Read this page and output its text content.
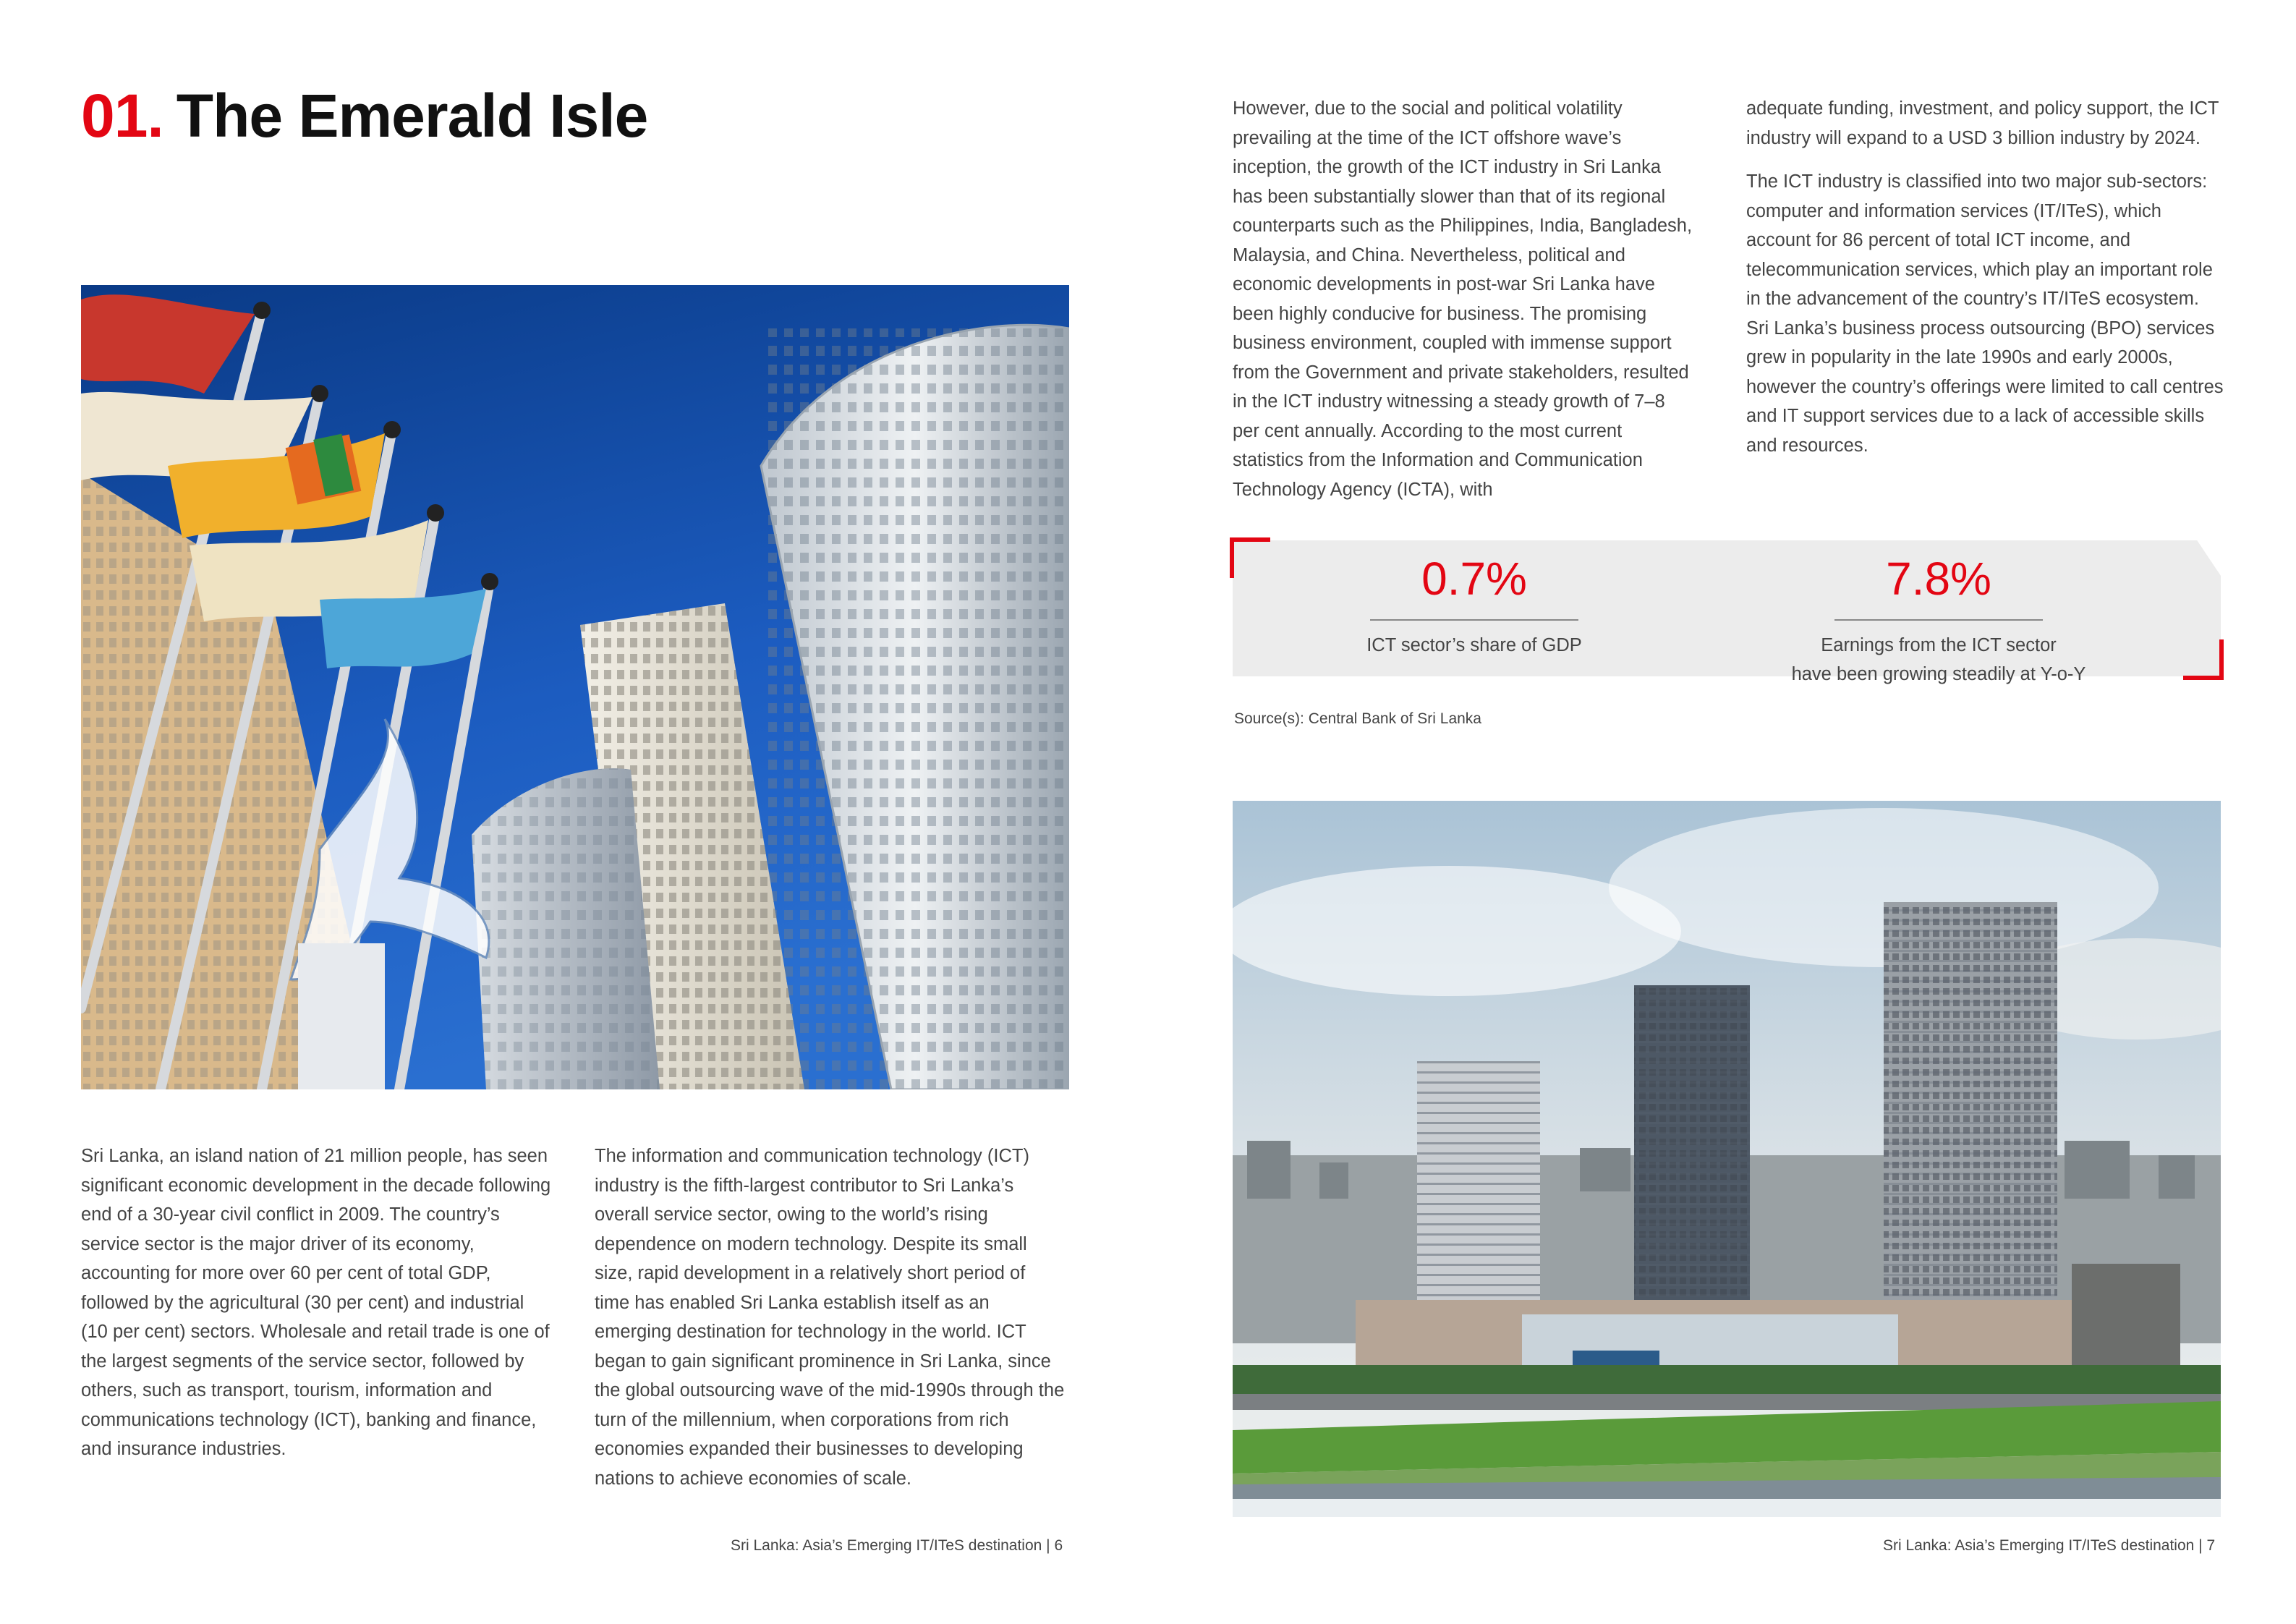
01. The Emerald Isle
Sri Lanka, an island nation of 21 million people, has seen significant economic development in the decade following end of a 30-year civil conflict in 2009. The country’s service sector is the major driver of its economy, accounting for more over 60 per cent of total GDP, followed by the agricultural (30 per cent) and industrial (10 per cent) sectors. Wholesale and retail trade is one of the largest segments of the service sector, followed by others, such as transport, tourism, information and communications technology (ICT), banking and finance, and insurance industries.
The information and communication technology (ICT) industry is the fifth-largest contributor to Sri Lanka’s overall service sector, owing to the world’s rising dependence on modern technology. Despite its small size, rapid development in a relatively short period of time has enabled Sri Lanka establish itself as an emerging destination for technology in the world. ICT began to gain significant prominence in Sri Lanka, since the global outsourcing wave of the mid-1990s through the turn of the millennium, when corporations from rich economies expanded their businesses to developing nations to achieve economies of scale.
Sri Lanka: Asia’s Emerging IT/ITeS destination | 6
However, due to the social and political volatility prevailing at the time of the ICT offshore wave’s inception, the growth of the ICT industry in Sri Lanka has been substantially slower than that of its regional counterparts such as the Philippines, India, Bangladesh, Malaysia, and China. Nevertheless, political and economic developments in post-war Sri Lanka have been highly conducive for business. The promising business environment, coupled with immense support from the Government and private stakeholders, resulted in the ICT industry witnessing a steady growth of 7–8 per cent annually. According to the most current statistics from the Information and Communication Technology Agency (ICTA), with
adequate funding, investment, and policy support, the ICT industry will expand to a USD 3 billion industry by 2024.
The ICT industry is classified into two major sub-sectors: computer and information services (IT/ITeS), which account for 86 percent of total ICT income, and telecommunication services, which play an important role in the advancement of the country’s IT/ITeS ecosystem. Sri Lanka’s business process outsourcing (BPO) services grew in popularity in the late 1990s and early 2000s, however the country’s offerings were limited to call centres and IT support services due to a lack of accessible skills and resources.
0.7%
ICT sector’s share of GDP
7.8%
Earnings from the ICT sector
have been growing steadily at Y-o-Y
Source(s): Central Bank of Sri Lanka
Sri Lanka: Asia’s Emerging IT/ITeS destination | 7
